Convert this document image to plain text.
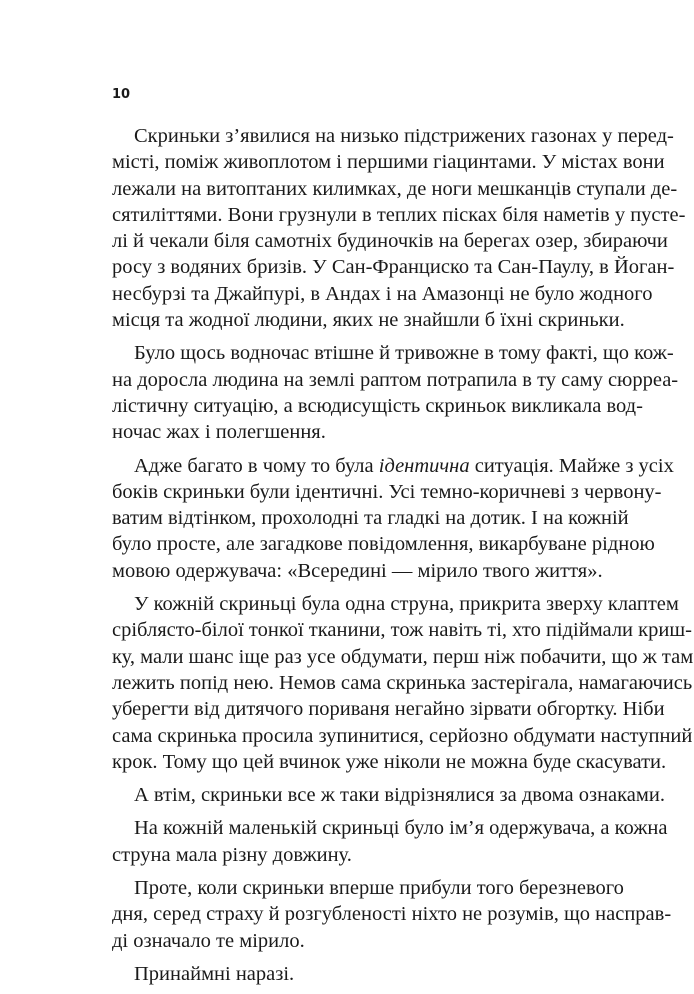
10
Скриньки з’явилися на низько підстрижених газонах у перед-
місті, поміж живоплотом і першими гіацинтами. У містах вони
лежали на витоптаних килимках, де ноги мешканців ступали де-
сятиліттями. Вони грузнули в теплих пісках біля наметів у пусте-
лі й чекали біля самотніх будиночків на берегах озер, збираючи
росу з водяних бризів. У Сан-Франциско та Сан-Паулу, в Йоган-
несбурзі та Джайпурі, в Андах і на Амазонці не було жодного
місця та жодної людини, яких не знайшли б їхні скриньки.
Було щось водночас втішне й тривожне в тому факті, що кож-
на доросла людина на землі раптом потрапила в ту саму сюрреа-
лістичну ситуацію, а всюдисущість скриньок викликала вод-
ночас жах і полегшення.
Адже багато в чому то була ідентична ситуація. Майже з усіх
боків скриньки були ідентичні. Усі темно-коричневі з червону-
ватим відтінком, прохолодні та гладкі на дотик. І на кожній
було просте, але загадкове повідомлення, викарбуване рідною
мовою одержувача: «Всередині — мірило твого життя».
У кожній скриньці була одна струна, прикрита зверху клаптем
сріблясто-білої тонкої тканини, тож навіть ті, хто підіймали криш-
ку, мали шанс іще раз усе обдумати, перш ніж побачити, що ж там
лежить попід нею. Немов сама скринька застерігала, намагаючись
уберегти від дитячого пориваня негайно зірвати обгортку. Ніби
сама скринька просила зупинитися, серйозно обдумати наступний
крок. Тому що цей вчинок уже ніколи не можна буде скасувати.
А втім, скриньки все ж таки відрізнялися за двома ознаками.
На кожній маленькій скриньці було ім’я одержувача, а кожна
струна мала різну довжину.
Проте, коли скриньки вперше прибули того березневого
дня, серед страху й розгубленості ніхто не розумів, що насправ-
ді означало те мірило.
Принаймні наразі.
